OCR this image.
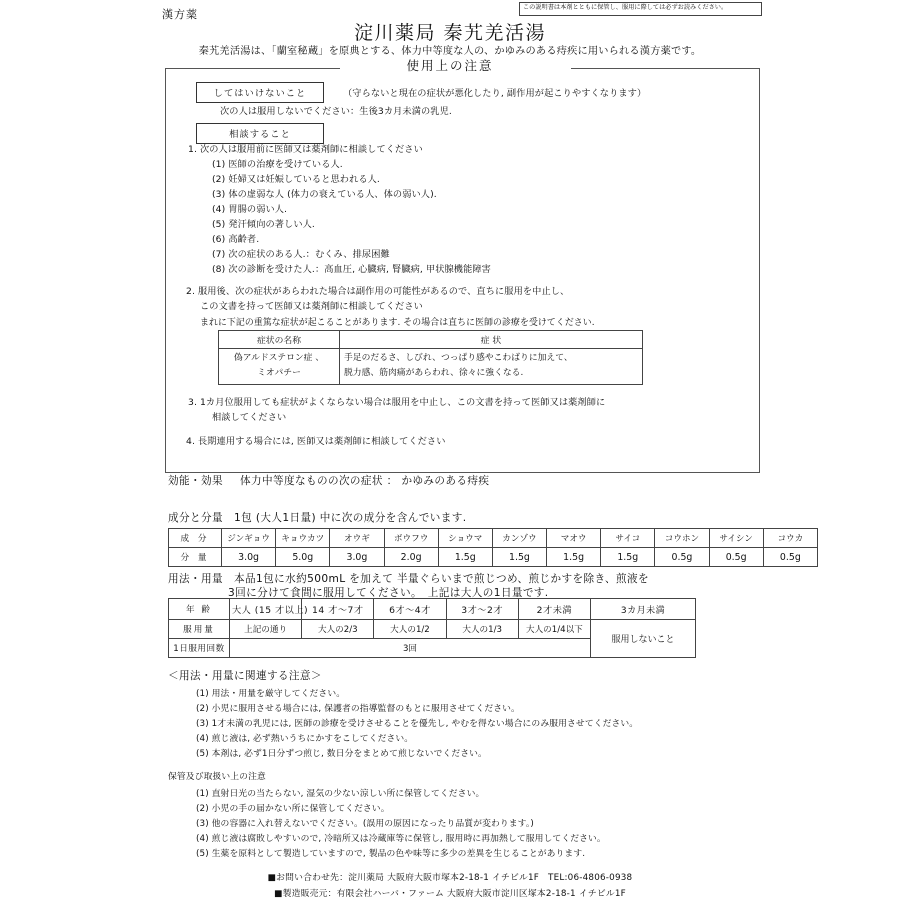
漢方薬
この説明書は本剤とともに保管し、服用に際しては必ずお読みください。
淀川薬局 秦艽羌活湯
秦艽羌活湯は、「蘭室秘蔵」を原典とする、体力中等度な人の、かゆみのある痔疾に用いられる漢方薬です。
使用上の注意
してはいけないこと	（守らないと現在の症状が悪化したり, 副作用が起こりやすくなります）
次の人は服用しないでください：生後3カ月未満の乳児.
相談すること
1. 次の人は服用前に医師又は薬剤師に相談してください
(1) 医師の治療を受けている人.
(2) 妊婦又は妊娠していると思われる人.
(3) 体の虚弱な人 (体力の衰えている人、体の弱い人).
(4) 胃腸の弱い人.
(5) 発汗傾向の著しい人.
(6) 高齢者.
(7) 次の症状のある人.：むくみ、排尿困難
(8) 次の診断を受けた人.：高血圧, 心臓病, 腎臓病, 甲状腺機能障害
2. 服用後、次の症状があらわれた場合は副作用の可能性があるので、直ちに服用を中止し、
この文書を持って医師又は薬剤師に相談してください
まれに下記の重篤な症状が起こることがあります. その場合は直ちに医師の診療を受けてください.
症状の名称	症 状
偽アルドステロン症 、
ミオパチー	手足のだるさ、しびれ、つっぱり感やこわばりに加えて、
脱力感、筋肉痛があらわれ、徐々に強くなる.
3. 1カ月位服用しても症状がよくならない場合は服用を中止し、この文書を持って医師又は薬剤師に
相談してください
4. 長期連用する場合には, 医師又は薬剤師に相談してください
効能・効果 体力中等度なものの次の症状 ： かゆみのある痔疾
成分と分量　1包 (大人1日量) 中に次の成分を含んでいます.
成 分	ジンギョウ	キョウカツ	オウギ	ボウフウ	ショウマ	カンゾウ	マオウ	サイコ	コウホン	サイシン	コウカ
分 量	3.0g	5.0g	3.0g	2.0g	1.5g	1.5g	1.5g	1.5g	0.5g	0.5g	0.5g
用法・用量　本品1包に水約500mL を加えて 半量ぐらいまで煎じつめ、煎じかすを除き、煎液を
3回に分けて食間に服用してください。　上記は大人の1日量です.
年 齢	大人 (15 才以上)	14 才〜7才	6才〜4才	3才〜2才	2才未満	3カ月未満
服用量	上記の通り	大人の2/3	大人の1/2	大人の1/3	大人の1/4以下	服用しないこと
1日服用回数	3回					
＜用法・用量に関連する注意＞
(1) 用法・用量を厳守してください。
(2) 小児に服用させる場合には, 保護者の指導監督のもとに服用させてください。
(3) 1才未満の乳児には, 医師の診療を受けさせることを優先し, やむを得ない場合にのみ服用させてください。
(4) 煎じ液は, 必ず熱いうちにかすをこしてください。
(5) 本剤は, 必ず1日分ずつ煎じ, 数日分をまとめて煎じないでください。
保管及び取扱い上の注意
(1) 直射日光の当たらない, 湿気の少ない涼しい所に保管してください。
(2) 小児の手の届かない所に保管してください。
(3) 他の容器に入れ替えないでください。(誤用の原因になったり品質が変わります。)
(4) 煎じ液は腐敗しやすいので, 冷暗所又は冷蔵庫等に保管し, 服用時に再加熱して服用してください。
(5) 生薬を原料として製造していますので, 製品の色や味等に多少の差異を生じることがあります.
■お問い合わせ先：淀川薬局 大阪府大阪市塚本2-18-1 イチビル1F　TEL:06-4806-0938
■製造販売元：有限会社ハーバ・ファーム 大阪府大阪市淀川区塚本2-18-1 イチビル1F
